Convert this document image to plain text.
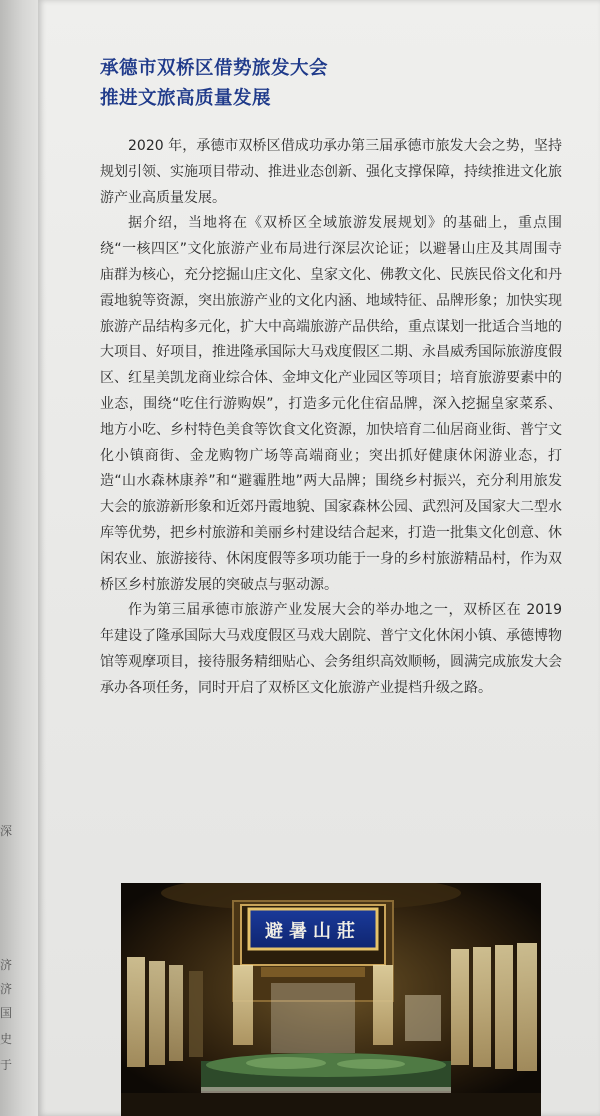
深
济
济
国
史
于
承德市双桥区借势旅发大会
推进文旅高质量发展

2020 年，承德市双桥区借成功承办第三届承德市旅发大会之势，坚持规划引领、实施项目带动、推进业态创新、强化支撑保障，持续推进文化旅游产业高质量发展。

据介绍，当地将在《双桥区全域旅游发展规划》的基础上，重点围绕“一核四区”文化旅游产业布局进行深层次论证；以避暑山庄及其周围寺庙群为核心，充分挖掘山庄文化、皇家文化、佛教文化、民族民俗文化和丹霞地貌等资源，突出旅游产业的文化内涵、地域特征、品牌形象；加快实现旅游产品结构多元化，扩大中高端旅游产品供给，重点谋划一批适合当地的大项目、好项目，推进隆承国际大马戏度假区二期、永昌威秀国际旅游度假区、红星美凯龙商业综合体、金坤文化产业园区等项目；培育旅游要素中的业态，围绕“吃住行游购娱”，打造多元化住宿品牌，深入挖掘皇家菜系、地方小吃、乡村特色美食等饮食文化资源，加快培育二仙居商业街、普宁文化小镇商街、金龙购物广场等高端商业；突出抓好健康休闲游业态，打造“山水森林康养”和“避霾胜地”两大品牌；围绕乡村振兴，充分利用旅发大会的旅游新形象和近郊丹霞地貌、国家森林公园、武烈河及国家大二型水库等优势，把乡村旅游和美丽乡村建设结合起来，打造一批集文化创意、休闲农业、旅游接待、休闲度假等多项功能于一身的乡村旅游精品村，作为双桥区乡村旅游发展的突破点与驱动源。

作为第三届承德市旅游产业发展大会的举办地之一，双桥区在 2019 年建设了隆承国际大马戏度假区马戏大剧院、普宁文化休闲小镇、承德博物馆等观摩项目，接待服务精细贴心、会务组织高效顺畅，圆满完成旅发大会承办各项任务，同时开启了双桥区文化旅游产业提档升级之路。

避暑山莊
